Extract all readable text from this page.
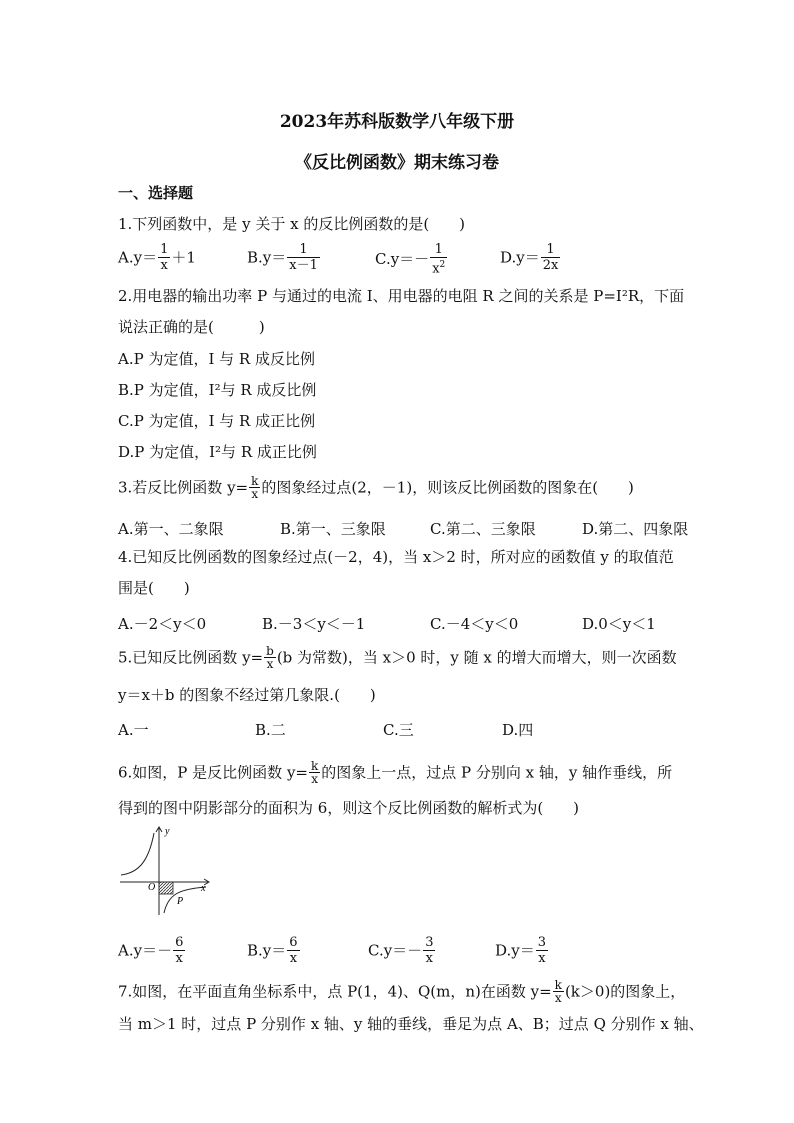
2023年苏科版数学八年级下册
《反比例函数》期末练习卷
一、选择题
1.下列函数中，是 y 关于 x 的反比例函数的是(　　)
$A.y= \frac{1}{x} +1$	$B.y= \frac{1}{x-1}$	$C.y=- \frac{1}{x^2}$	$D.y= \frac{1}{2x}$
2.用电器的输出功率 P 与通过的电流 I、用电器的电阻 R 之间的关系是 P=I²R，下面
说法正确的是(　　　)
A.P 为定值，I 与 R 成反比例
B.P 为定值，I²与 R 成反比例
C.P 为定值，I 与 R 成正比例
D.P 为定值，I²与 R 成正比例
3.若反比例函数 $y= \frac{k}{x}$ 的图象经过点(2，－1)，则该反比例函数的图象在(　　)
A.第一、二象限	B.第一、三象限	C.第二、三象限	D.第二、四象限
4.已知反比例函数的图象经过点(－2，4)，当 x＞2 时，所对应的函数值 y 的取值范
围是(　　)
A.－2＜y＜0	B.－3＜y＜－1	C.－4＜y＜0	D.0＜y＜1
5.已知反比例函数 $y= \frac{b}{x} (b$ 为常数)，当 x＞0 时，y 随 x 的增大而增大，则一次函数
y＝x＋b 的图象不经过第几象限.(　　)
A.一	B.二	C.三	D.四
6.如图，P 是反比例函数 $y= \frac{k}{x}$ 的图象上一点，过点 P 分别向 x 轴，y 轴作垂线，所
得到的图中阴影部分的面积为 6，则这个反比例函数的解析式为(　　)
y
x
O
P
$A.y=- \frac{6}{x}$	$B.y= \frac{6}{x}$	$C.y=- \frac{3}{x}$	$D.y= \frac{3}{x}$
7.如图，在平面直角坐标系中，点 P(1，4)、Q(m，n)在函数 $y= \frac{k}{x} (k>0)$的图象上，
当 m＞1 时，过点 P 分别作 x 轴、y 轴的垂线，垂足为点 A、B；过点 Q 分别作 x 轴、
